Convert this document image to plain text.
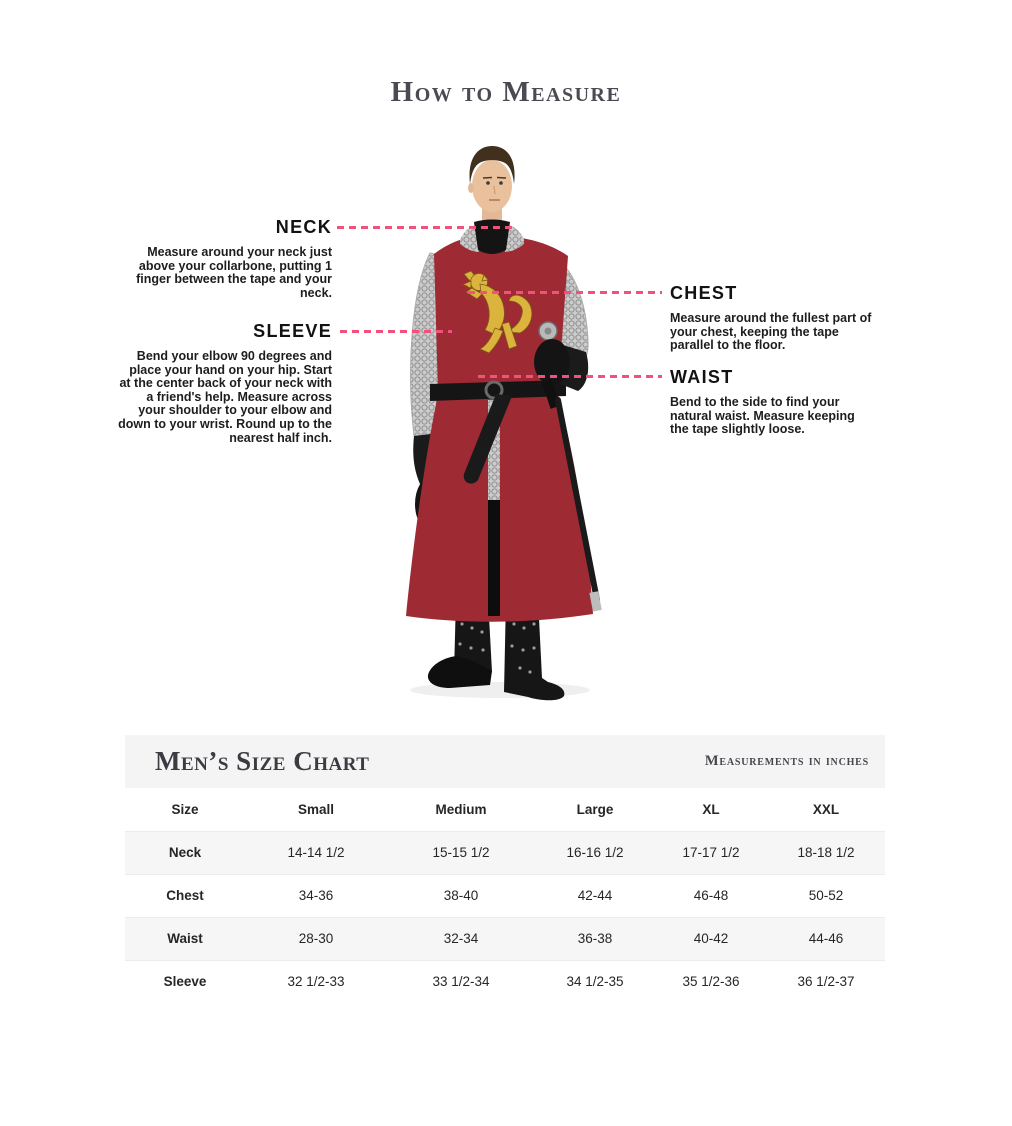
How to Measure
NECK
Measure around your neck just above your collarbone, putting 1 finger between the tape and your neck.
SLEEVE
Bend your elbow 90 degrees and place your hand on your hip. Start at the center back of your neck with a friend's help. Measure across your shoulder to your elbow and down to your wrist. Round up to the nearest half inch.
CHEST
Measure around the fullest part of your chest, keeping the tape parallel to the floor.
WAIST
Bend to the side to find your natural waist. Measure keeping the tape slightly loose.
Men’s Size Chart	Measurements in inches
Size	Small	Medium	Large	XL	XXL
Neck	14-14 1/2	15-15 1/2	16-16 1/2	17-17 1/2	18-18 1/2
Chest	34-36	38-40	42-44	46-48	50-52
Waist	28-30	32-34	36-38	40-42	44-46
Sleeve	32 1/2-33	33 1/2-34	34 1/2-35	35 1/2-36	36 1/2-37
